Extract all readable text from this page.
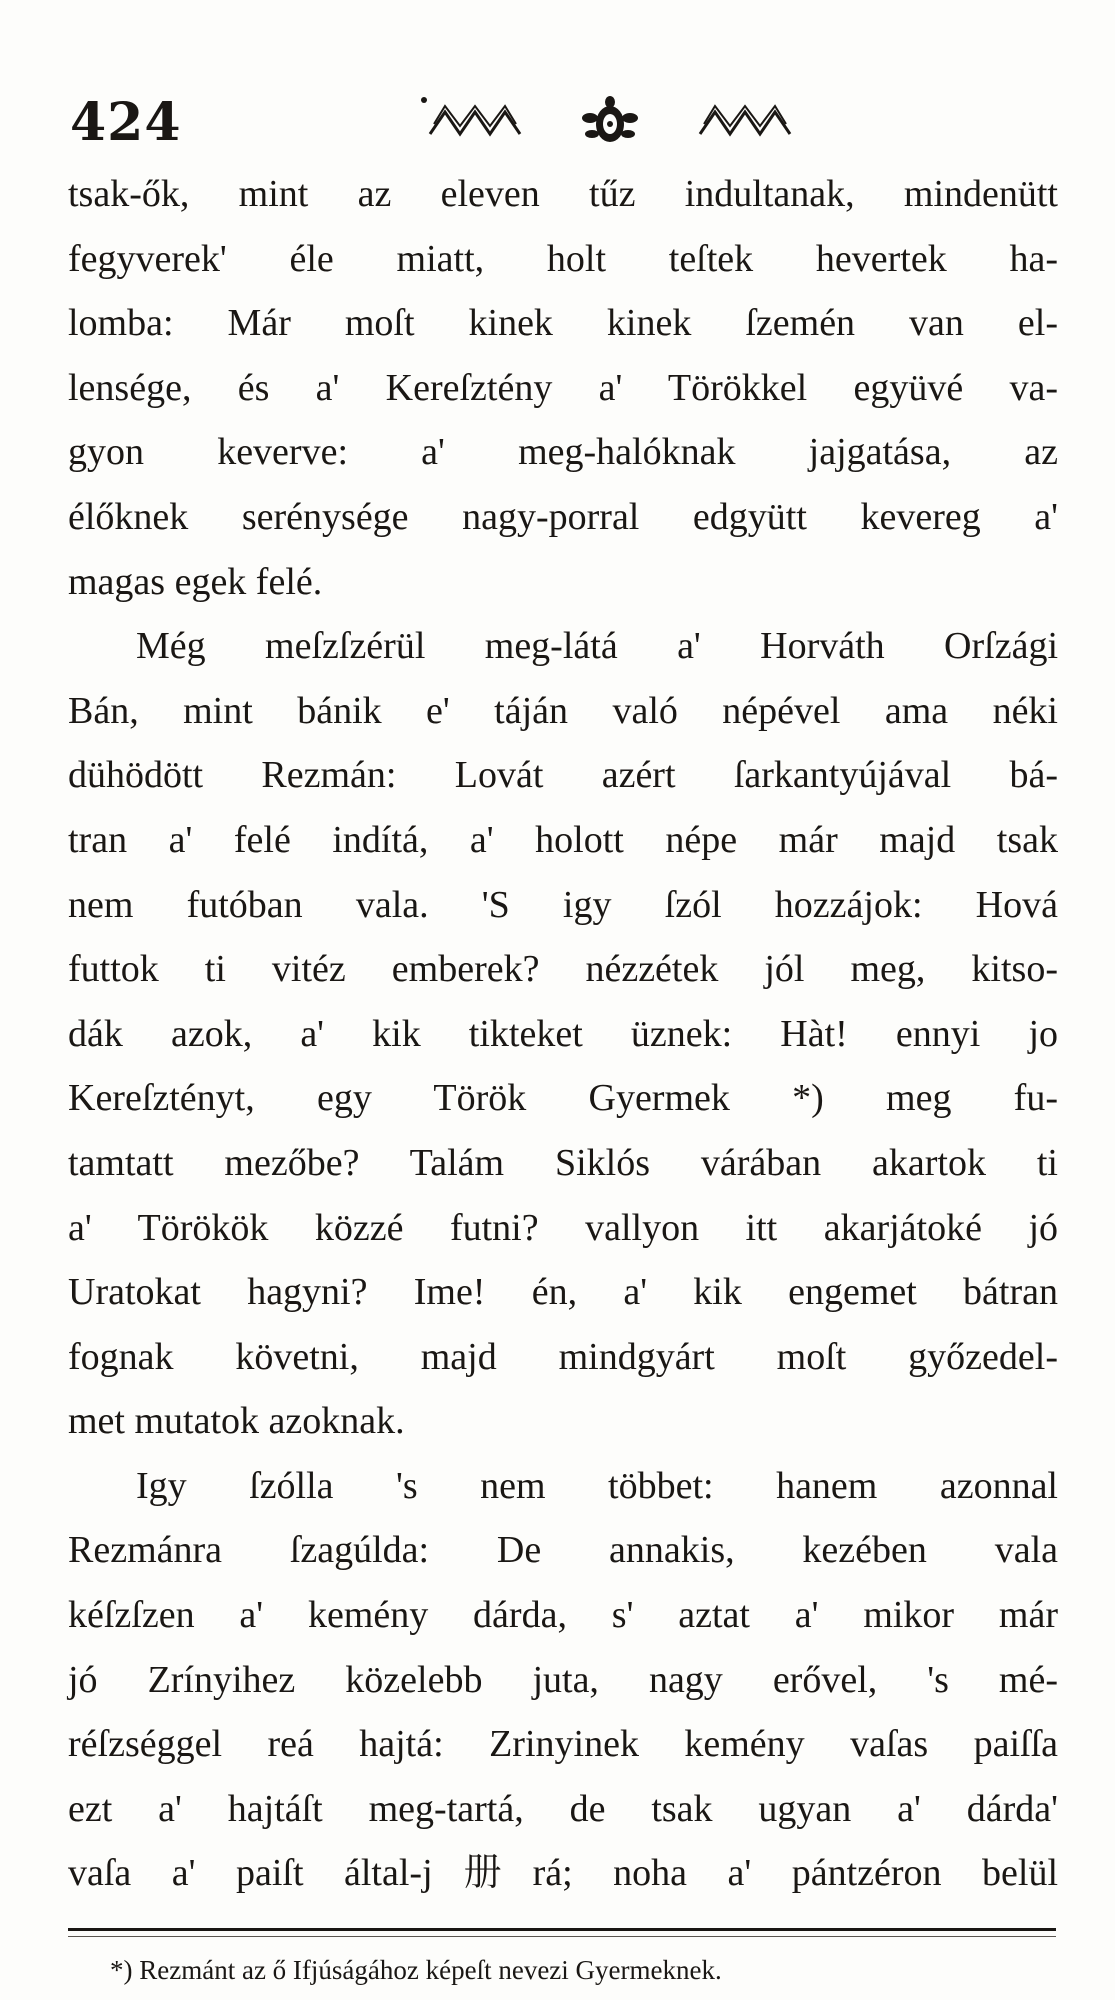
424
tsak-ők, mint az eleven tűz indultanak, mindenütt
fegyverek' éle miatt, holt teſtek hevertek ha-
lomba: Már moſt kinek kinek ſzemén van el-
lensége, és a' Kereſztény a' Törökkel együvé va-
gyon keverve: a' meg-halóknak jajgatása, az
élőknek serénysége nagy-porral edgyütt kevereg a'
magas egek felé.
Még meſzſzérül meg-látá a' Horváth Orſzági
Bán, mint bánik e' táján való népével ama néki
dühödött Rezmán: Lovát azért ſarkantyújával bá-
tran a' felé indítá, a' holott népe már majd tsak
nem futóban vala. 'S igy ſzól hozzájok: Hová
futtok ti vitéz emberek? nézzétek jól meg, kitso-
dák azok, a' kik tikteket üznek: Hàt! ennyi jo
Kereſztényt, egy Török Gyermek *) meg fu-
tamtatt mezőbe? Talám Siklós várában akartok ti
a' Törökök közzé futni? vallyon itt akarjátoké jó
Uratokat hagyni? Ime! én, a' kik engemet bátran
fognak követni, majd mindgyárt moſt győzedel-
met mutatok azoknak.
Igy ſzólla 's nem többet: hanem azonnal
Rezmánra ſzagúlda: De annakis, kezében vala
kéſzſzen a' kemény dárda, s' aztat a' mikor már
jó Zrínyihez közelebb juta, nagy erővel, 's mé-
réſzséggel reá hajtá: Zrinyinek kemény vaſas paiſſa
ezt a' hajtáſt meg-tartá, de tsak ugyan a' dárda'
vaſa a' paiſt által-j册rá; noha a' pántzéron belül
*) Rezmánt az ő Ifjúságához képeſt nevezi Gyermeknek.
